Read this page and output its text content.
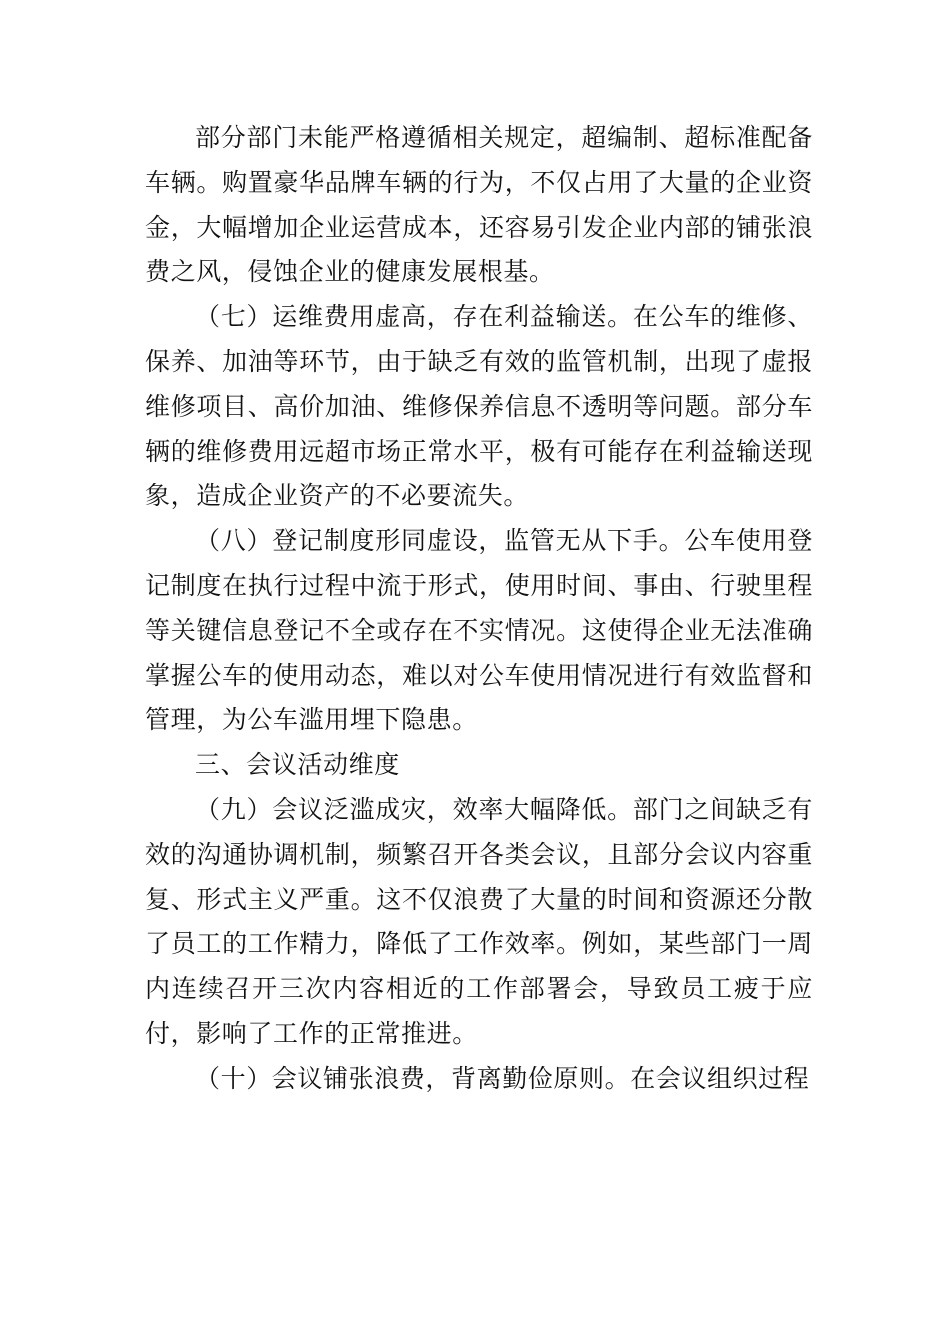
部分部门未能严格遵循相关规定，超编制、超标准配备车辆。购置豪华品牌车辆的行为，不仅占用了大量的企业资金，大幅增加企业运营成本，还容易引发企业内部的铺张浪费之风，侵蚀企业的健康发展根基。

（七）运维费用虚高，存在利益输送。在公车的维修、保养、加油等环节，由于缺乏有效的监管机制，出现了虚报维修项目、高价加油、维修保养信息不透明等问题。部分车辆的维修费用远超市场正常水平，极有可能存在利益输送现象，造成企业资产的不必要流失。

（八）登记制度形同虚设，监管无从下手。公车使用登记制度在执行过程中流于形式，使用时间、事由、行驶里程等关键信息登记不全或存在不实情况。这使得企业无法准确掌握公车的使用动态，难以对公车使用情况进行有效监督和管理，为公车滥用埋下隐患。

三、会议活动维度

（九）会议泛滥成灾，效率大幅降低。部门之间缺乏有效的沟通协调机制，频繁召开各类会议，且部分会议内容重复、形式主义严重。这不仅浪费了大量的时间和资源还分散了员工的工作精力，降低了工作效率。例如，某些部门一周内连续召开三次内容相近的工作部署会，导致员工疲于应付，影响了工作的正常推进。

（十）会议铺张浪费，背离勤俭原则。在会议组织过程
